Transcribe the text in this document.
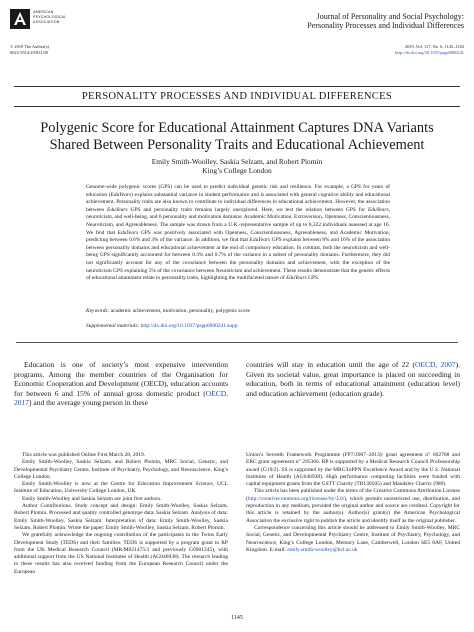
AMERICAN
PSYCHOLOGICAL
ASSOCIATION
Journal of Personality and Social Psychology:
Personality Processes and Individual Differences
© 2019 The Author(s)
0022-3514/19/$12.00
2019, Vol. 117, No. 6, 1145–1163
http://dx.doi.org/10.1037/pspp0000241
PERSONALITY PROCESSES AND INDIVIDUAL DIFFERENCES
Polygenic Score for Educational Attainment Captures DNA Variants
Shared Between Personality Traits and Educational Achievement
Emily Smith-Woolley, Saskia Selzam, and Robert Plomin
King’s College London
Genome-wide polygenic scores (GPS) can be used to predict individual genetic risk and resilience. For example, a GPS for years of education (EduYears) explains substantial variance in student performance and is associated with general cognitive ability and educational achievement. Personality traits are also known to contribute to individual differences in educational achievement. However, the association between EduYears GPS and personality traits remains largely unexplored. Here, we test the relation between GPS for EduYears, neuroticism, and well-being, and 6 personality and motivation domains: Academic Motivation, Extraversion, Openness, Conscientiousness, Neuroticism, and Agreeableness. The sample was drawn from a U.K.-representative sample of up to 8,322 individuals assessed at age 16. We find that EduYears GPS was positively associated with Openness, Conscientiousness, Agreeableness, and Academic Motivation, predicting between 0.6% and 3% of the variance. In addition, we find that EduYears GPS explains between 8% and 16% of the association between personality domains and educational achievement at the end of compulsory education. In contrast, both the neuroticism and well-being GPS significantly accounted for between 0.3% and 0.7% of the variance in a subset of personality domains. Furthermore, they did not significantly account for any of the covariance between the personality domains and achievement, with the exception of the neuroticism GPS explaining 5% of the covariance between Neuroticism and achievement. These results demonstrate that the genetic effects of educational attainment relate to personality traits, highlighting the multifaceted nature of EduYears GPS.
Keywords: academic achievement, motivation, personality, polygenic score
Supplemental materials: http://dx.doi.org/10.1037/pspp0000241.supp
Education is one of society’s most expensive intervention programs. Among the member countries of the Organisation for Economic Cooperation and Development (OECD), education accounts for between 6 and 15% of annual gross domestic product (OECD, 2017) and the average young person in these
countries will stay in education until the age of 22 (OECD, 2007). Given its societal value, great importance is placed on succeeding in education, both in terms of educational attainment (education level) and education achievement (education grade).

This article was published Online First March 28, 2019.

Emily Smith-Woolley, Saskia Selzam, and Robert Plomin, MRC Social, Genetic, and Developmental Psychiatry Centre, Institute of Psychiatry, Psychology, and Neuroscience, King’s College London.

Emily Smith-Woolley is now at the Centre for Education Improvement Science, UCL Institute of Education, University College London, UK.

Emily Smith-Woolley and Saskia Selzam are joint first authors.

Author Contributions. Study concept and design: Emily Smith-Woolley, Saskia Selzam, Robert Plomin. Processed and quality controlled genotype data: Saskia Selzam. Analysis of data: Emily Smith-Woolley, Saskia Selzam. Interpretation of data: Emily Smith-Woolley, Saskia Selzam, Robert Plomin. Wrote the paper: Emily Smith-Woolley, Saskia Selzam, Robert Plomin.

We gratefully acknowledge the ongoing contribution of the participants in the Twins Early Development Study (TEDS) and their families. TEDS is supported by a program grant to RP from the UK Medical Research Council (MR/M021475/1 and previously G0901245), with additional support from the US National Institutes of Health (AG046938). The research leading to these results has also received funding from the European Research Council under the European

Union’s Seventh Framework Programme (FP7/2007–2013)/ grant agreement n° 602768 and ERC grant agreement n° 295366. RP is supported by a Medical Research Council Professorship award (G19/2). SS is supported by the MRC/IoPPN Excellence Award and by the U.S. National Institutes of Health (AG046938). High performance computing facilities were funded with capital equipment grants from the GSTT Charity (TR130505) and Maudsley Charity (980).

This article has been published under the terms of the Creative Commons Attribution License (http://creativecommons.org/licenses/by/3.0/), which permits unrestricted use, distribution, and reproduction in any medium, provided the original author and source are credited. Copyright for this article is retained by the author(s). Author(s) grant(s) the American Psychological Association the exclusive right to publish the article and identify itself as the original publisher.

Correspondence concerning this article should be addressed to Emily Smith-Woolley, MRC Social, Genetic, and Developmental Psychiatry Centre, Institute of Psychiatry, Psychology, and Neuroscience, King’s College London, Memory Lane, Camberwell, London SE5 8AF, United Kingdom. E-mail: emily.smith-woolley@kcl.ac.uk

1145
